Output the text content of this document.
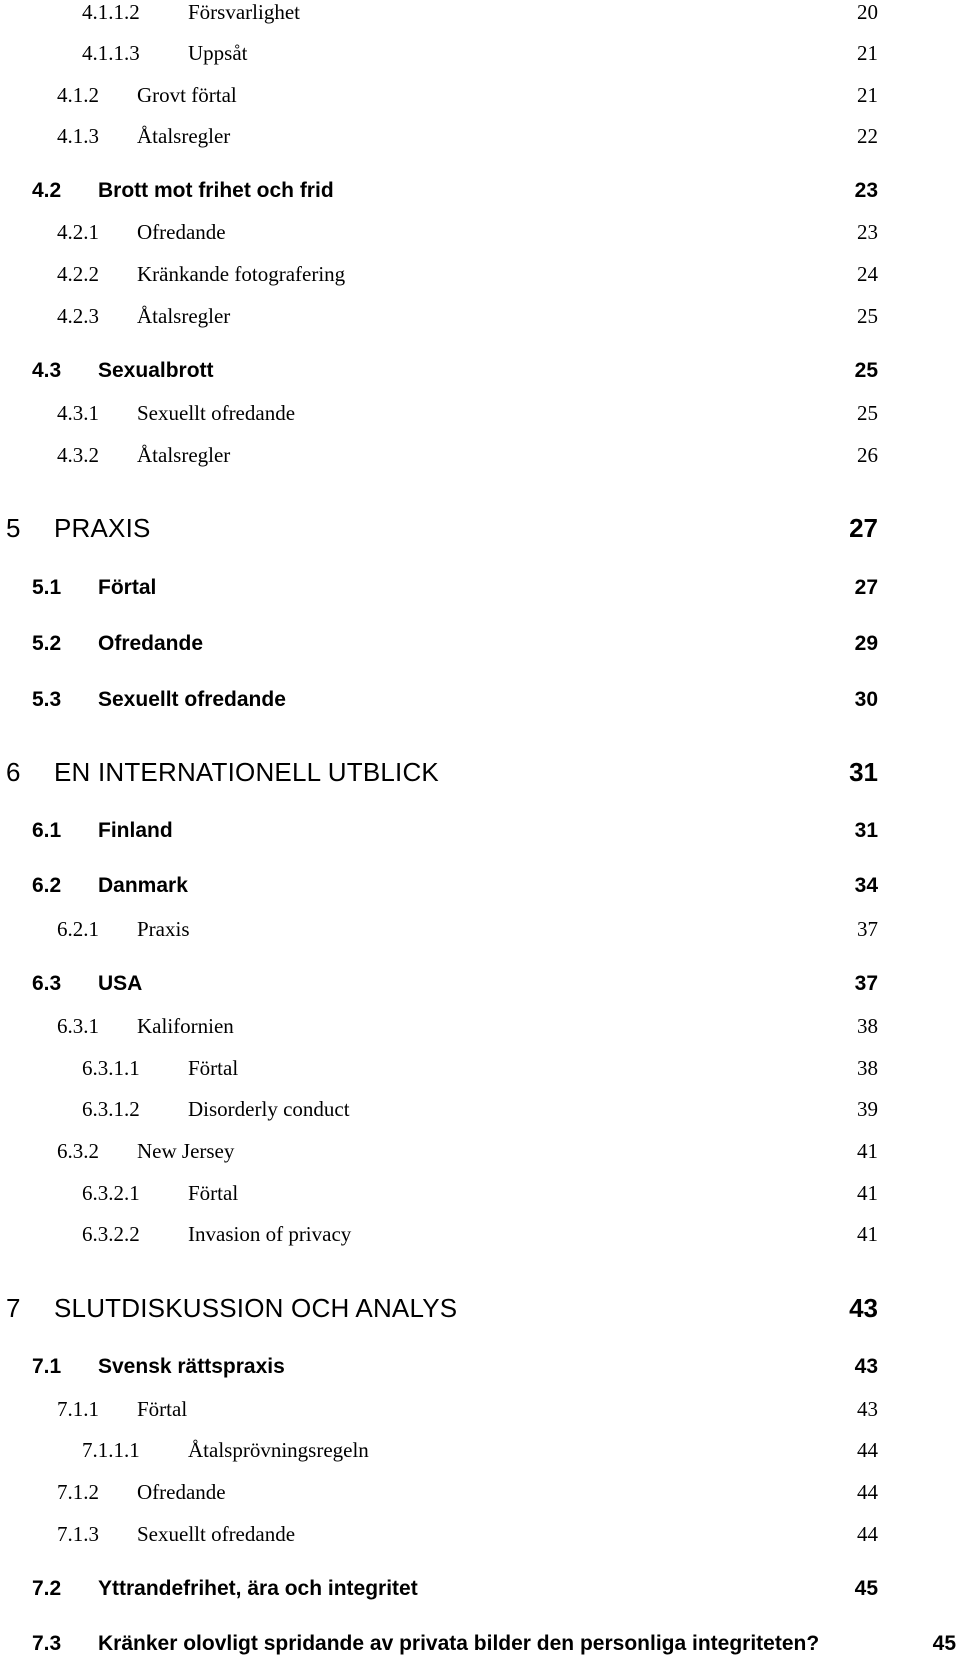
4.1.1.2 Försvarlighet	20
4.1.1.3 Uppsåt	21
4.1.2 Grovt förtal	21
4.1.3 Åtalsregler	22
4.2 Brott mot frihet och frid	23
4.2.1 Ofredande	23
4.2.2 Kränkande fotografering	24
4.2.3 Åtalsregler	25
4.3 Sexualbrott	25
4.3.1 Sexuellt ofredande	25
4.3.2 Åtalsregler	26
5 PRAXIS	27
5.1 Förtal	27
5.2 Ofredande	29
5.3 Sexuellt ofredande	30
6 EN INTERNATIONELL UTBLICK	31
6.1 Finland	31
6.2 Danmark	34
6.2.1 Praxis	37
6.3 USA	37
6.3.1 Kalifornien	38
6.3.1.1 Förtal	38
6.3.1.2 Disorderly conduct	39
6.3.2 New Jersey	41
6.3.2.1 Förtal	41
6.3.2.2 Invasion of privacy	41
7 SLUTDISKUSSION OCH ANALYS	43
7.1 Svensk rättspraxis	43
7.1.1 Förtal	43
7.1.1.1 Åtalsprövningsregeln	44
7.1.2 Ofredande	44
7.1.3 Sexuellt ofredande	44
7.2 Yttrandefrihet, ära och integritet	45
7.3 Kränker olovligt spridande av privata bilder den personliga integriteten?	45
